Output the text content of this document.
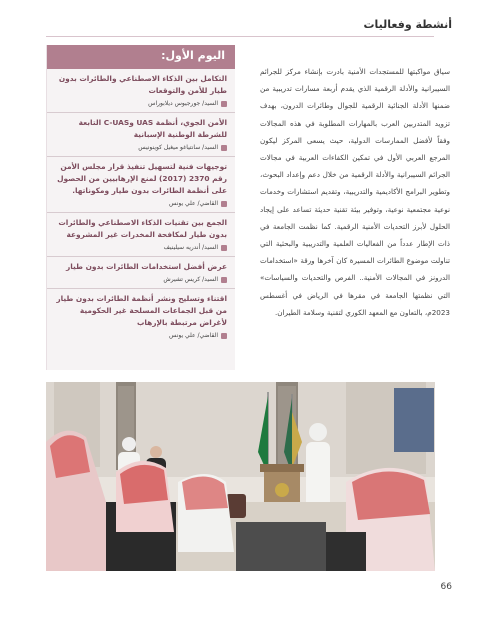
أنشطة وفعاليات
سياق مواكبتها للمستجدات الأمنية بادرت بإنشاء مركز للجرائم السيبرانية والأدلة الرقمية الذي يقدم أربعة مسارات تدريبية من ضمنها الأدلة الجنائية الرقمية للجوال وطائرات الدرون، بهدف تزويد المتدربين العرب بالمهارات المطلوبة في هذه المجالات وفقاً لأفضل الممارسات الدولية، حيث يسعى المركز ليكون المرجع العربي الأول في تمكين الكفاءات العربية في مجالات الجرائم السيبرانية والأدلة الرقمية من خلال دعم وإعداد البحوث، وتطوير البرامج الأكاديمية والتدريبية، وتقديم استشارات وخدمات نوعية مجتمعية نوعية، وتوفير بيئة تقنية حديثة تساعد على إيجاد الحلول لأبرز التحديات الأمنية الرقمية. كما نظمت الجامعة في ذات الإطار عدداً من الفعاليات العلمية والتدريبية والبحثية التي تناولت موضوع الطائرات المسيرة كان آخرها ورقة «استخدامات الدرونز في المجالات الأمنية.. الفرص والتحديات والسياسات» التي نظمتها الجامعة في مقرها في الرياض في أغسطس 2023م، بالتعاون مع المعهد الكوري لتقنية وسلامة الطيران.
اليوم الأول:
التكامل بين الذكاء الاصطناعي والطائرات بدون طيار للأمن والتوقعات
السيد/ جورجيوس ديلابوراس
الأمن الجوي، أنظمة UAS وC-UAS التابعة للشرطة الوطنية الإسبانية
السيد/ سانتياغو ميغيل كوينونيس
توجيهات فنية لتسهيل تنفيذ قرار مجلس الأمن رقم 2370 (2017) لمنع الإرهابيين من الحصول على أنظمة الطائرات بدون طيار ومكوناتها.
القاضي/ علي يونس
الجمع بين تقنيات الذكاء الاصطناعي والطائرات بدون طيار لمكافحة المخدرات غير المشروعة
السيد/ أندريه سيلينيف
عرض أفضل استخدامات الطائرات بدون طيار
السيد/ كريس تشيرش
اقتناء وتسليح ونشر أنظمة الطائرات بدون طيار من قبل الجماعات المسلحة غير الحكومية لأغراض مرتبطة بالإرهاب
القاضي/ علي يونس
66
